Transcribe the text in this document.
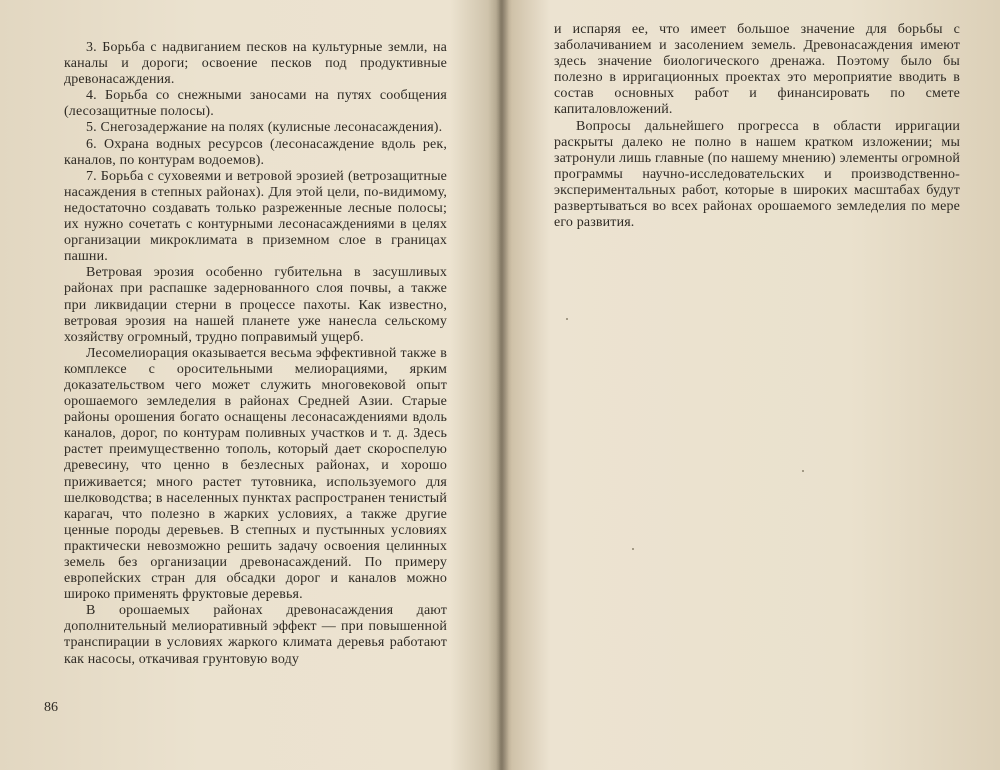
3. Борьба с надвиганием песков на культурные земли, на каналы и дороги; освоение песков под продуктивные древонасаждения.

4. Борьба со снежными заносами на путях сообщения (лесозащитные полосы).

5. Снегозадержание на полях (кулисные лесонасаждения).

6. Охрана водных ресурсов (лесонасаждение вдоль рек, каналов, по контурам водоемов).

7. Борьба с суховеями и ветровой эрозией (ветрозащитные насаждения в степных районах). Для этой цели, по-видимому, недостаточно создавать только разреженные лесные полосы; их нужно сочетать с контурными лесонасаждениями в целях организации микроклимата в приземном слое в границах пашни.

Ветровая эрозия особенно губительна в засушливых районах при распашке задернованного слоя почвы, а также при ликвидации стерни в процессе пахоты. Как известно, ветровая эрозия на нашей планете уже нанесла сельскому хозяйству огромный, трудно поправимый ущерб.

Лесомелиорация оказывается весьма эффективной также в комплексе с оросительными мелиорациями, ярким доказательством чего может служить многовековой опыт орошаемого земледелия в районах Средней Азии. Старые районы орошения богато оснащены лесонасаждениями вдоль каналов, дорог, по контурам поливных участков и т. д. Здесь растет преимущественно тополь, который дает скороспелую древесину, что ценно в безлесных районах, и хорошо приживается; много растет тутовника, используемого для шелководства; в населенных пунктах распространен тенистый карагач, что полезно в жарких условиях, а также другие ценные породы деревьев. В степных и пустынных условиях практически невозможно решить задачу освоения целинных земель без организации древонасаждений. По примеру европейских стран для обсадки дорог и каналов можно широко применять фруктовые деревья.

В орошаемых районах древонасаждения дают дополнительный мелиоративный эффект — при повышенной транспирации в условиях жаркого климата деревья работают как насосы, откачивая грунтовую воду

86

и испаряя ее, что имеет большое значение для борьбы с заболачиванием и засолением земель. Древонасаждения имеют здесь значение биологического дренажа. Поэтому было бы полезно в ирригационных проектах это мероприятие вводить в состав основных работ и финансировать по смете капиталовложений.

Вопросы дальнейшего прогресса в области ирригации раскрыты далеко не полно в нашем кратком изложении; мы затронули лишь главные (по нашему мнению) элементы огромной программы научно-исследовательских и производственно-экспериментальных работ, которые в широких масштабах будут развертываться во всех районах орошаемого земледелия по мере его развития.
